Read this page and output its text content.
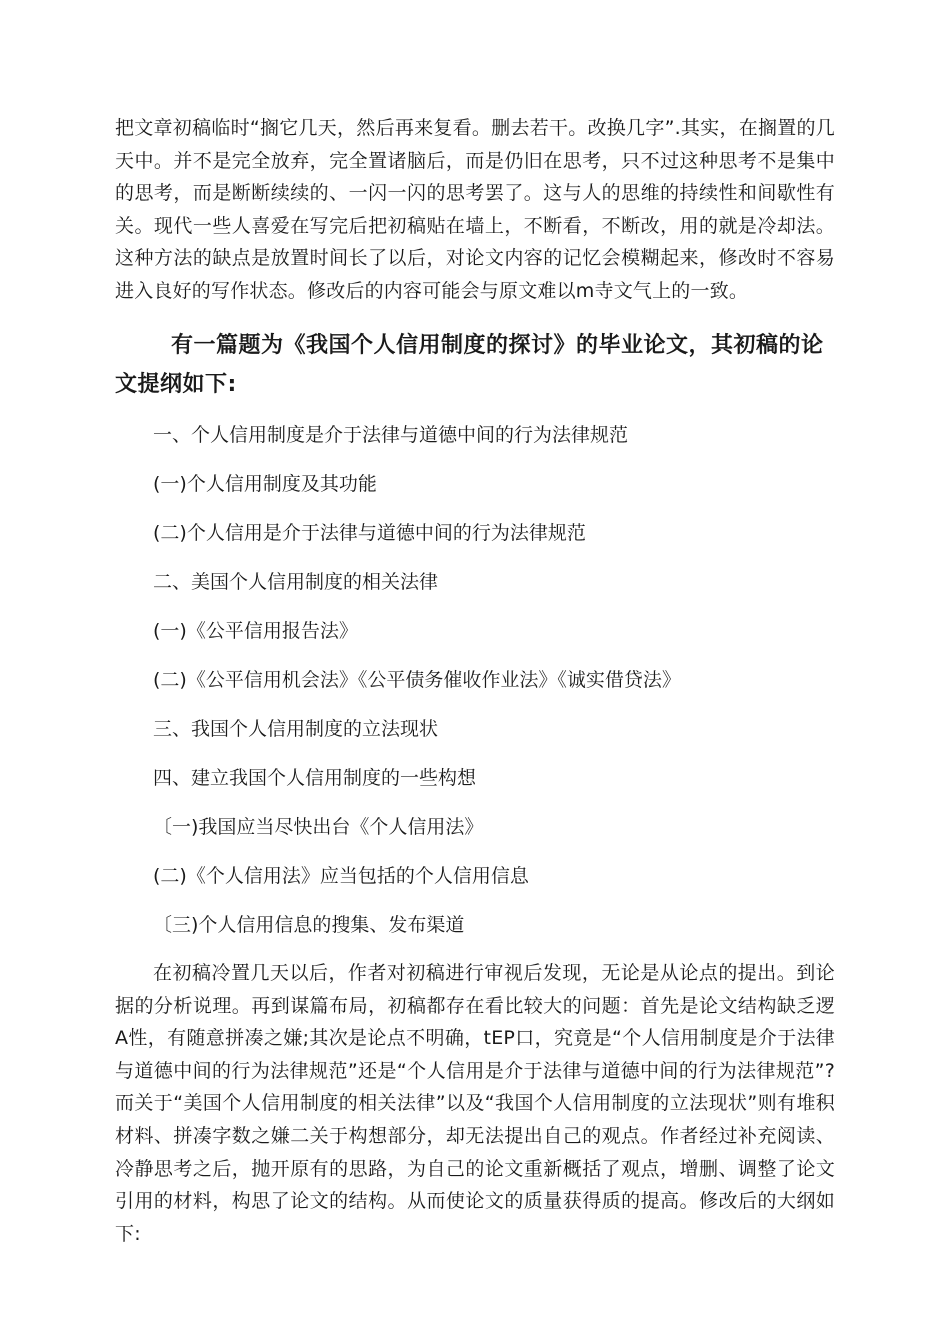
把文章初稿临时“搁它几天，然后再来复看。删去若干。改换几字”.其实，在搁置的几天中。并不是完全放弃，完全置诸脑后，而是仍旧在思考，只不过这种思考不是集中的思考，而是断断续续的、一闪一闪的思考罢了。这与人的思维的持续性和间歇性有关。现代一些人喜爱在写完后把初稿贴在墙上，不断看，不断改，用的就是冷却法。这种方法的缺点是放置时间长了以后，对论文内容的记忆会模糊起来，修改时不容易进入良好的写作状态。修改后的内容可能会与原文难以m寺文气上的一致。

有一篇题为《我国个人信用制度的探讨》的毕业论文，其初稿的论文提纲如下:

一、个人信用制度是介于法律与道德中间的行为法律规范

(一)个人信用制度及其功能

(二)个人信用是介于法律与道德中间的行为法律规范

二、美国个人信用制度的相关法律

(一)《公平信用报告法》

(二)《公平信用机会法》《公平债务催收作业法》《诚实借贷法》

三、我国个人信用制度的立法现状

四、建立我国个人信用制度的一些构想

〔一)我国应当尽快出台《个人信用法》

(二)《个人信用法》应当包括的个人信用信息

〔三)个人信用信息的搜集、发布渠道

在初稿冷置几天以后，作者对初稿进行审视后发现，无论是从论点的提出。到论据的分析说理。再到谋篇布局，初稿都存在看比较大的问题：首先是论文结构缺乏逻A性，有随意拼凑之嫌;其次是论点不明确，tEP口，究竟是“个人信用制度是介于法律与道德中间的行为法律规范”还是“个人信用是介于法律与道德中间的行为法律规范”?而关于“美国个人信用制度的相关法律”以及“我国个人信用制度的立法现状”则有堆积材料、拼凑字数之嫌二关于构想部分，却无法提出自己的观点。作者经过补充阅读、冷静思考之后，抛开原有的思路，为自己的论文重新概括了观点，增删、调整了论文引用的材料，构思了论文的结构。从而使论文的质量获得质的提高。修改后的大纲如下:
